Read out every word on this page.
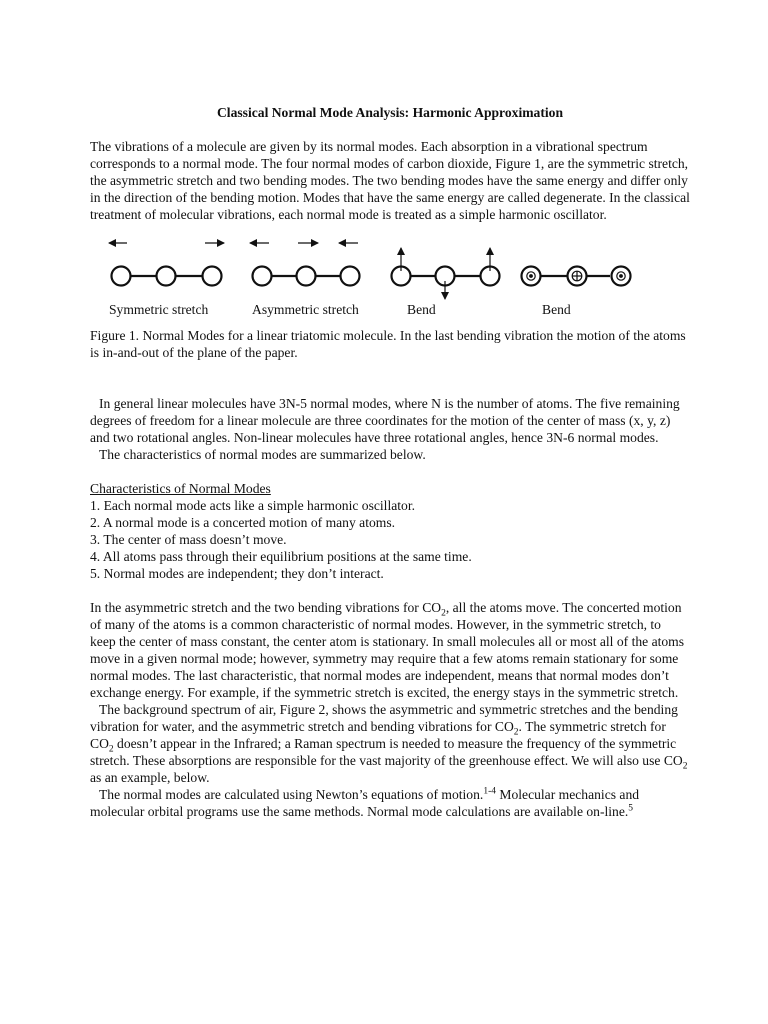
Classical Normal Mode Analysis: Harmonic Approximation

The vibrations of a molecule are given by its normal modes. Each absorption in a vibrational spectrum corresponds to a normal mode. The four normal modes of carbon dioxide, Figure 1, are the symmetric stretch, the asymmetric stretch and two bending modes. The two bending modes have the same energy and differ only in the direction of the bending motion. Modes that have the same energy are called degenerate. In the classical treatment of molecular vibrations, each normal mode is treated as a simple harmonic oscillator.

Symmetric stretch	Asymmetric stretch	Bend	Bend

Figure 1. Normal Modes for a linear triatomic molecule. In the last bending vibration the motion of the atoms is in-and-out of the plane of the paper.

In general linear molecules have 3N-5 normal modes, where N is the number of atoms. The five remaining degrees of freedom for a linear molecule are three coordinates for the motion of the center of mass (x, y, z) and two rotational angles. Non-linear molecules have three rotational angles, hence 3N-6 normal modes.

The characteristics of normal modes are summarized below.

Characteristics of Normal Modes

1. Each normal mode acts like a simple harmonic oscillator.

2. A normal mode is a concerted motion of many atoms.

3. The center of mass doesn’t move.

4. All atoms pass through their equilibrium positions at the same time.

5. Normal modes are independent; they don’t interact.

In the asymmetric stretch and the two bending vibrations for $CO_2$, all the atoms move. The concerted motion of many of the atoms is a common characteristic of normal modes. However, in the symmetric stretch, to keep the center of mass constant, the center atom is stationary. In small molecules all or most all of the atoms move in a given normal mode; however, symmetry may require that a few atoms remain stationary for some normal modes. The last characteristic, that normal modes are independent, means that normal modes don’t exchange energy. For example, if the symmetric stretch is excited, the energy stays in the symmetric stretch.

The background spectrum of air, Figure 2, shows the asymmetric and symmetric stretches and the bending vibration for water, and the asymmetric stretch and bending vibrations for $CO_2$. The symmetric stretch for $CO_2$ doesn’t appear in the Infrared; a Raman spectrum is needed to measure the frequency of the symmetric stretch. These absorptions are responsible for the vast majority of the greenhouse effect. We will also use $CO_2$ as an example, below.

The normal modes are calculated using Newton’s equations of motion.$^{1-4}$ Molecular mechanics and molecular orbital programs use the same methods. Normal mode calculations are available on-line.$^5$
